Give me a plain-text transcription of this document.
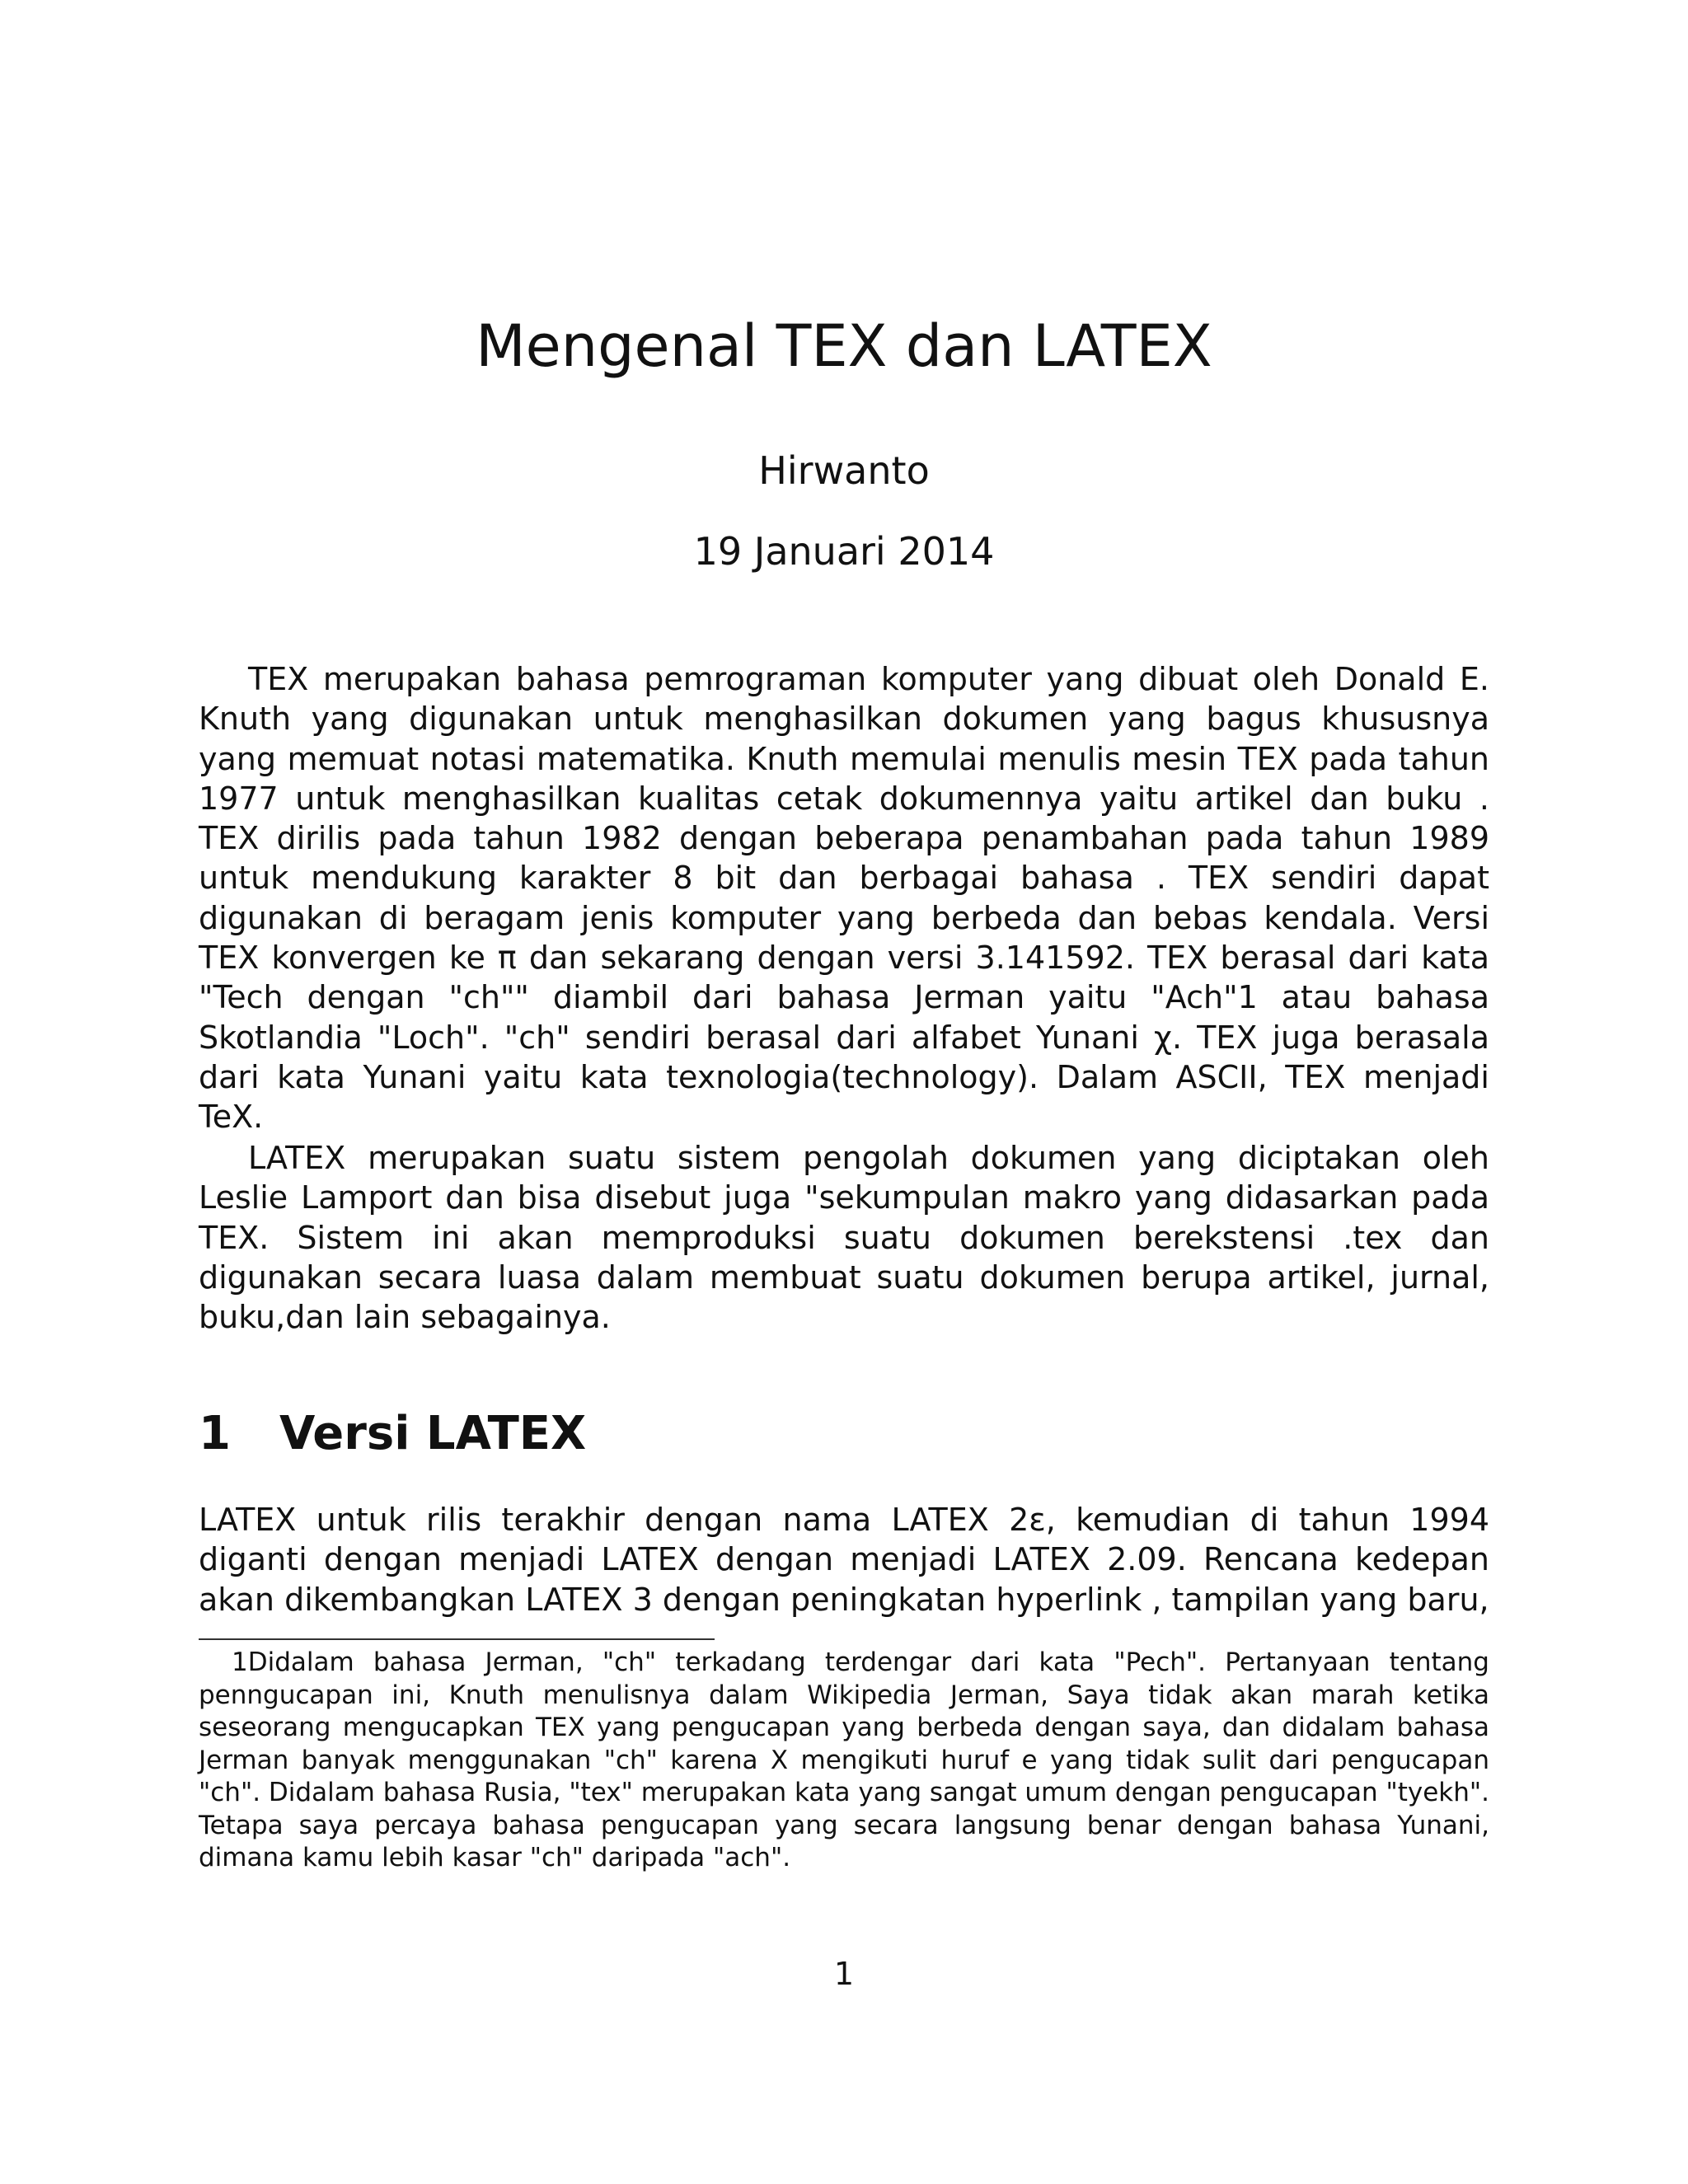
Mengenal TEX dan LATEX
Hirwanto
19 Januari 2014

TEX merupakan bahasa pemrograman komputer yang dibuat oleh Donald E. Knuth yang digunakan untuk menghasilkan dokumen yang bagus khususnya yang memuat notasi matematika. Knuth memulai menulis mesin TEX pada tahun 1977 untuk menghasilkan kualitas cetak dokumennya yaitu artikel dan buku . TEX dirilis pada tahun 1982 dengan beberapa penambahan pada tahun 1989 untuk mendukung karakter 8 bit dan berbagai bahasa . TEX sendiri dapat digunakan di beragam jenis komputer yang berbeda dan bebas kendala. Versi TEX konvergen ke π dan sekarang dengan versi 3.141592. TEX berasal dari kata "Tech dengan "ch"" diambil dari bahasa Jerman yaitu "Ach"1 atau bahasa Skotlandia "Loch". "ch" sendiri berasal dari alfabet Yunani χ. TEX juga berasala dari kata Yunani yaitu kata texnologia(technology). Dalam ASCII, TEX menjadi TeX.

LATEX merupakan suatu sistem pengolah dokumen yang diciptakan oleh Leslie Lamport dan bisa disebut juga "sekumpulan makro yang didasarkan pada TEX. Sistem ini akan memproduksi suatu dokumen berekstensi .tex dan digunakan secara luasa dalam membuat suatu dokumen berupa artikel, jurnal, buku,dan lain sebagainya.

1 Versi LATEX

LATEX untuk rilis terakhir dengan nama LATEX 2ε, kemudian di tahun 1994 diganti dengan menjadi LATEX dengan menjadi LATEX 2.09. Rencana kedepan akan dikembangkan LATEX 3 dengan peningkatan hyperlink , tampilan yang baru,

1Didalam bahasa Jerman, "ch" terkadang terdengar dari kata "Pech". Pertanyaan tentang penngucapan ini, Knuth menulisnya dalam Wikipedia Jerman, Saya tidak akan marah ketika seseorang mengucapkan TEX yang pengucapan yang berbeda dengan saya, dan didalam bahasa Jerman banyak menggunakan "ch" karena X mengikuti huruf e yang tidak sulit dari pengucapan "ch". Didalam bahasa Rusia, "tex" merupakan kata yang sangat umum dengan pengucapan "tyekh". Tetapa saya percaya bahasa pengucapan yang secara langsung benar dengan bahasa Yunani, dimana kamu lebih kasar "ch" daripada "ach".

1
